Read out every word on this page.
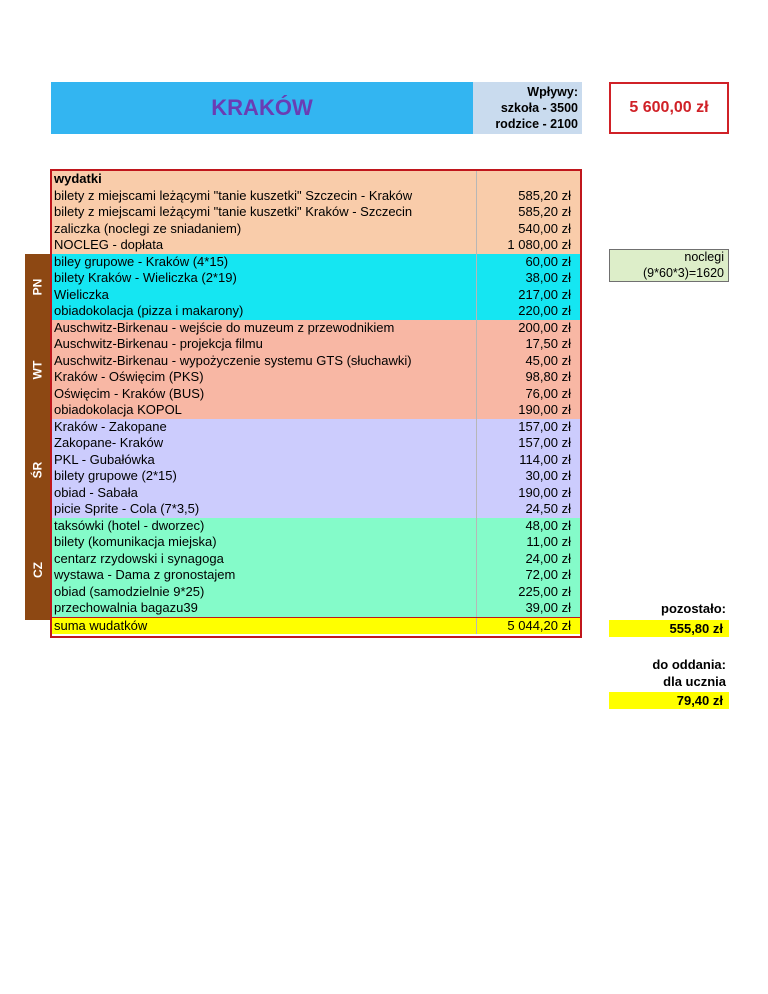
KRAKÓW
Wpływy:
szkoła - 3500
rodzice - 2100
5 600,00 zł
wydatki
bilety z miejscami leżącymi "tanie kuszetki" Szczecin - Kraków	585,20 zł
bilety z miejscami leżącymi "tanie kuszetki" Kraków - Szczecin	585,20 zł
zaliczka (noclegi ze sniadaniem)	540,00 zł
NOCLEG - dopłata	1 080,00 zł
biley grupowe - Kraków (4*15)	60,00 zł
bilety Kraków - Wieliczka (2*19)	38,00 zł
Wieliczka	217,00 zł
obiadokolacja (pizza i makarony)	220,00 zł
Auschwitz-Birkenau - wejście do muzeum z przewodnikiem	200,00 zł
Auschwitz-Birkenau - projekcja filmu	17,50 zł
Auschwitz-Birkenau - wypożyczenie systemu GTS (słuchawki)	45,00 zł
Kraków - Oświęcim (PKS)	98,80 zł
Oświęcim - Kraków (BUS)	76,00 zł
obiadokolacja KOPOL	190,00 zł
Kraków - Zakopane	157,00 zł
Zakopane- Kraków	157,00 zł
PKL - Gubałówka	114,00 zł
bilety grupowe (2*15)	30,00 zł
obiad - Sabała	190,00 zł
picie Sprite - Cola (7*3,5)	24,50 zł
taksówki (hotel - dworzec)	48,00 zł
bilety (komunikacja miejska)	11,00 zł
centarz rzydowski i synagoga	24,00 zł
wystawa - Dama z gronostajem	72,00 zł
obiad (samodzielnie 9*25)	225,00 zł
przechowalnia bagazu39	39,00 zł
suma wudatków	5 044,20 zł
noclegi
(9*60*3)=1620
pozostało:
555,80 zł
do oddania:
dla ucznia
79,40 zł
PN
WT
ŚR
CZ
